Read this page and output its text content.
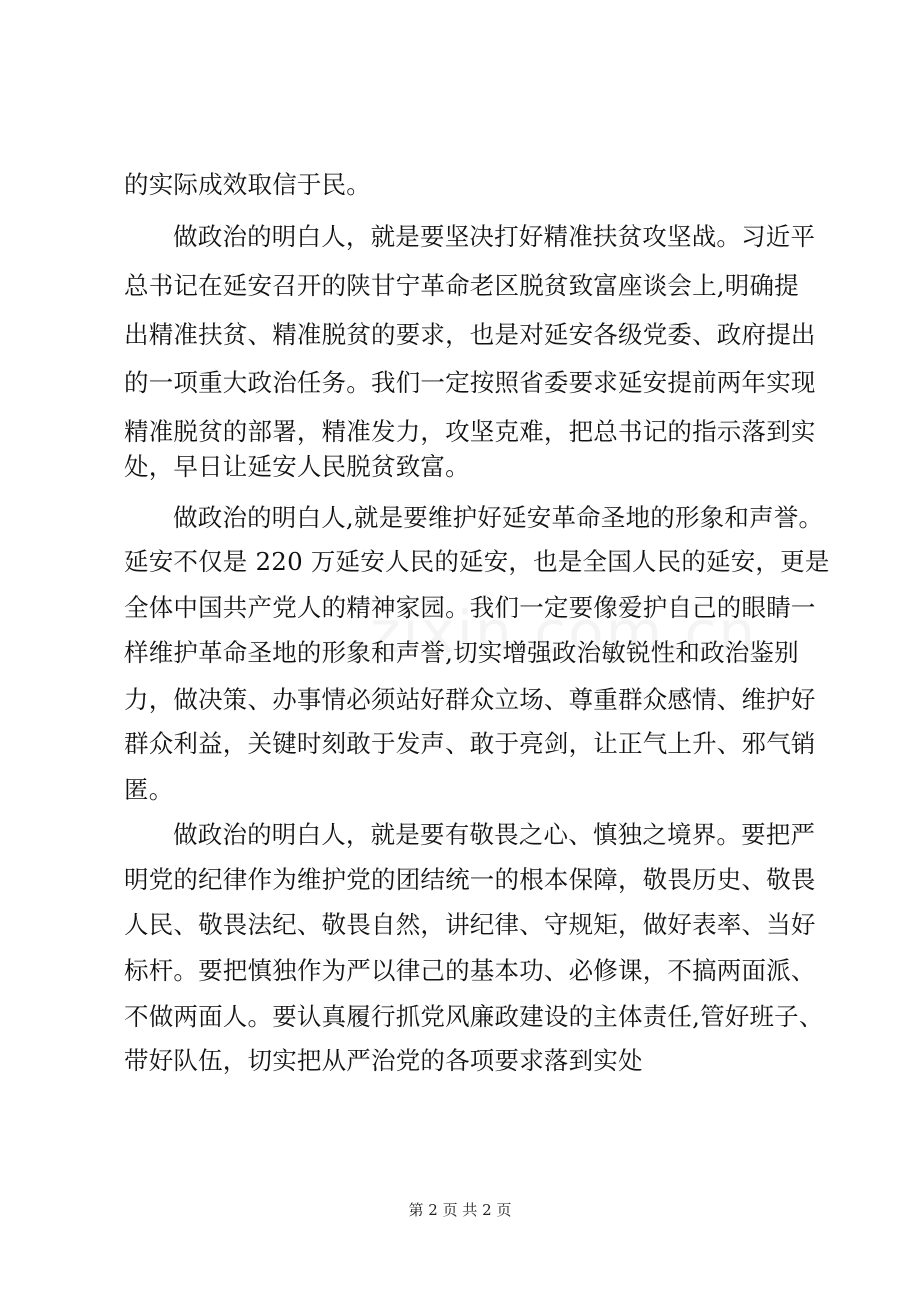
的实际成效取信于民。
做政治的明白人，就是要坚决打好精准扶贫攻坚战。习近平
总书记在延安召开的陕甘宁革命老区脱贫致富座谈会上,明确提
出精准扶贫、精准脱贫的要求，也是对延安各级党委、政府提出
的一项重大政治任务。我们一定按照省委要求延安提前两年实现
精准脱贫的部署，精准发力，攻坚克难，把总书记的指示落到实
处，早日让延安人民脱贫致富。
做政治的明白人,就是要维护好延安革命圣地的形象和声誉。
延安不仅是 220 万延安人民的延安，也是全国人民的延安，更是
全体中国共产党人的精神家园。我们一定要像爱护自己的眼睛一
样维护革命圣地的形象和声誉,切实增强政治敏锐性和政治鉴别
力，做决策、办事情必须站好群众立场、尊重群众感情、维护好
群众利益，关键时刻敢于发声、敢于亮剑，让正气上升、邪气销
匿。
做政治的明白人，就是要有敬畏之心、慎独之境界。要把严
明党的纪律作为维护党的团结统一的根本保障，敬畏历史、敬畏
人民、敬畏法纪、敬畏自然，讲纪律、守规矩，做好表率、当好
标杆。要把慎独作为严以律己的基本功、必修课，不搞两面派、
不做两面人。要认真履行抓党风廉政建设的主体责任,管好班子、
带好队伍，切实把从严治党的各项要求落到实处
第 2 页 共 2 页
